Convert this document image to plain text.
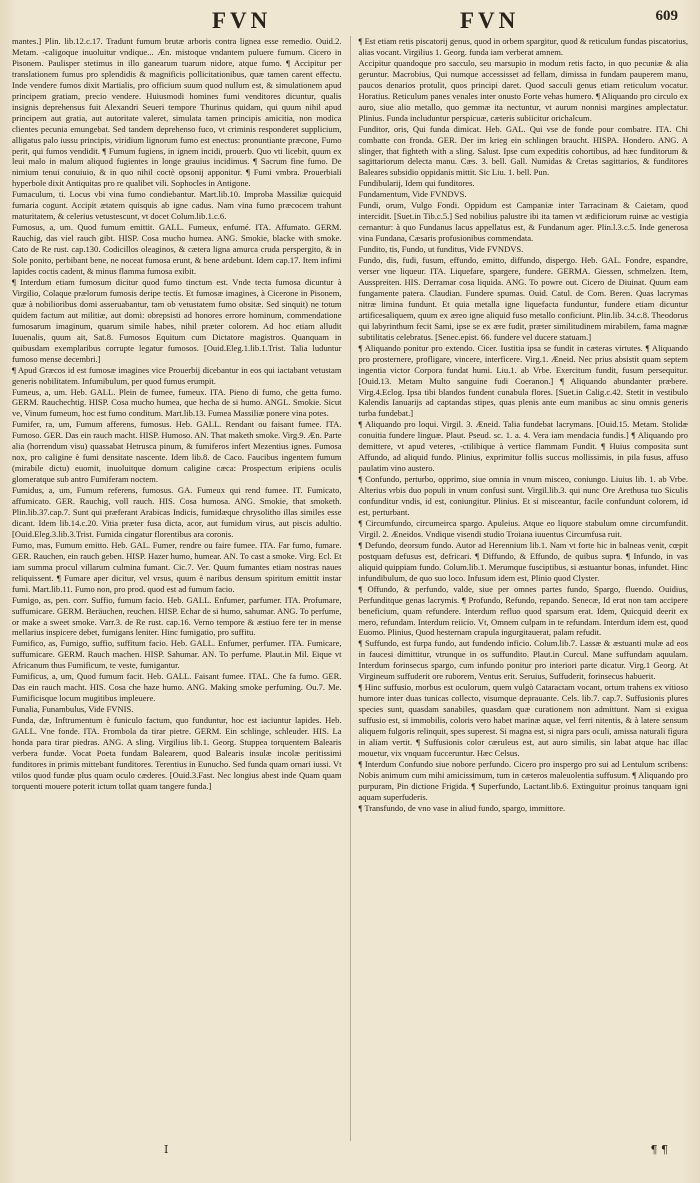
FVN	FVN	609

mantes.] Plin. lib.12.c.17. Tradunt fumum brutæ arboris contra lignea esse remedio. Ouid.2. Metam. -caligoque inuoluitur vndique... Æn. mistoque vndantem puluere fumum. Cicero in Pisonem. Paulisper stetimus in illo ganearum tuarum nidore, atque fumo. ¶ Accipitur per translationem fumus pro splendidis & magnificis pollicitationibus, quæ tamen carent effectu. Inde vendere fumos dixit Martialis, pro officium suum quod nullum est, & simulationem apud principem gratiam, precio vendere. Huiusmodi homines fumi venditores dicuntur, qualis insignis deprehensus fuit Alexandri Seueri tempore Thurinus quidam, qui quum nihil apud principem aut gratia, aut autoritate valeret, simulata tamen principis amicitia, non modica clientes pecunia emungebat. Sed tandem deprehenso fuco, vt criminis responderet supplicium, alligatus palo iussu principis, viridium lignorum fumo est enectus: pronuntiante præcone, Fumo perit, qui fumos vendidit. ¶ Fumum fugiens, in ignem incidi, prouerb. Quo vti licebit, quum ex leui malo in malum aliquod fugientes in longe grauius incidimus. ¶ Sacrum fine fumo. De nimium tenui conuiuio, & in quo nihil coctè opsonij apponitur. ¶ Fumi vmbra. Prouerbiali hyperbole dixit Antiquitas pro re qualibet vili. Sophocles in Antigone.

Fumaculum, ti. Locus vbi vina fumo condiebantur. Mart.lib.10. Improba Massiliæ quicquid fumaria cogunt. Accipit ætatem quisquis ab igne cadus. Nam vina fumo præcocem trahunt maturitatem, & celerius vetustescunt, vt docet Colum.lib.1.c.6.

Fumosus, a, um. Quod fumum emittit. GALL. Fumeux, enfumé. ITA. Affumato. GERM. Rauchig, das viel rauch gibt. HISP. Cosa mucho humea. ANG. Smokie, blacke with smoke. Cato de Re rust. cap.130. Codicillos oleaginos, & cætera ligna amurca cruda perspergito, & in Sole ponito, perbibant bene, ne noceat fumosa erunt, & bene ardebunt. Idem cap.17. Item infimi lapides coctis cadent, & minus flamma fumosa exibit.

¶ Interdum etiam fumosum dicitur quod fumo tinctum est. Vnde tecta fumosa dicuntur à Virgilio, Colaque prælorum fumosis deripe tectis. Et fumosæ imagines, à Cicerone in Pisonem, quæ à nobilioribus domi asseruabantur, tam ob vetustatem fumo obsitæ. Sed sinquit) ne totum quidem factum aut militiæ, aut domi: obrepsisti ad honores errore hominum, commendatione fumosarum imaginum, quarum simile habes, nihil præter colorem. Ad hoc etiam alludit Iuuenalis, quum ait, Sat.8. Fumosos Equitum cum Dictatore magistros. Quanquam in quibusdam exemplaribus corrupte legatur fumosos. [Ouid.Eleg.1.lib.1.Trist. Talia luduntur fumoso mense decembri.]

¶ Apud Græcos id est fumosæ imagines vice Prouerbij dicebantur in eos qui iactabant vetustam generis nobilitatem. Infumibulum, per quod fumus erumpit.

Fumeus, a, um. Heb. GALL. Plein de fumee, fumeux. ITA. Pieno di fumo, che getta fumo. GERM. Rauchechtig. HISP. Cosa mucho humea, que hecha de si humo. ANGL. Smokie. Sicut ve, Vinum fumeum, hoc est fumo conditum. Mart.lib.13. Fumea Massiliæ ponere vina potes.

Fumifer, ra, um, Fumum afferens, fumosus. Heb. GALL. Rendant ou faisant fumee. ITA. Fumoso. GER. Das ein rauch macht. HISP. Humoso. AN. That maketh smoke. Virg.9. Æn. Parte alia (horrendum visu) quassabat Hetrusca pinum, & fumiferos infert Mezentius ignes. Fumosa nox, pro caligine è fumi densitate nascente. Idem lib.8. de Caco. Faucibus ingentem fumum (mirabile dictu) euomit, inuoluitque domum caligine cæca: Prospectum eripiens oculis glomeratque sub antro Fumiferam noctem.

Fumidus, a, um, Fumum referens, fumosus. GA. Fumeux qui rend fumee. IT. Fumicato, affumicato. GER. Rauchig, voll rauch. HIS. Cosa humosa. ANG. Smokie, that smoketh. Plin.lib.37.cap.7. Sunt qui præferant Arabicas Indicis, fumidæque chrysolitho illas similes esse dicant. Idem lib.14.c.20. Vitia præter fusa dicta, acor, aut fumidum virus, aut piscis adultio. [Ouid.Eleg.3.lib.3.Trist. Fumida cingatur florentibus ara coronis.

Fumo, mas, Fumum emitto. Heb. GAL. Fumer, rendre ou faire fumee. ITA. Far fumo, fumare. GER. Rauchen, ein rauch geben. HISP. Hazer humo, humear. AN. To cast a smoke. Virg. Ecl. Et iam summa procul villarum culmina fumant. Cic.7. Ver. Quum fumantes etiam nostras naues reliquissent. ¶ Fumare aper dicitur, vel vrsus, quum è naribus densum spiritum emittit instar fumi. Mart.lib.11. Fumo non, pro prod. quod est ad fumum facio.

Fumigo, as, pen. corr. Suffio, fumum facio. Heb. GALL. Enfumer, parfumer. ITA. Profumare, suffumicare. GERM. Beräuchen, reuchen. HISP. Echar de si humo, sahumar. ANG. To perfume, or make a sweet smoke. Varr.3. de Re rust. cap.16. Verno tempore & æstiuo fere ter in mense mellarius inspicere debet, fumigans leniter. Hinc fumigatio, pro suffitu.

Fumifico, as, Fumigo, suffio, suffitum facio. Heb. GALL. Enfumer, perfumer. ITA. Fumicare, suffumicare. GERM. Rauch machen. HISP. Sahumar. AN. To perfume. Plaut.in Mil. Eique vt Africanum thus Fumificum, te veste, fumigantur.

Fumificus, a, um, Quod fumum facit. Heb. GALL. Faisant fumee. ITAL. Che fa fumo. GER. Das ein rauch macht. HIS. Cosa che haze humo. ANG. Making smoke perfuming. Ou.7. Me. Fumificisque locum mugitibus impleuere.

Funalia, Funambulus, Vide FVNIS.

Funda, dæ, Inftrumentum è funiculo factum, quo funduntur, hoc est iaciuntur lapides. Heb. GALL. Vne fonde. ITA. Frombola da tirar pietre. GERM. Ein schlinge, schleuder. HIS. La honda para tirar piedras. ANG. A sling. Virgilius lib.1. Georg. Stuppea torquentem Balearis verbera fundæ. Vocat Poeta fundam Balearem, quod Balearis insulæ incolæ peritissimi funditores in primis mittebant funditores. Terentius in Eunucho. Sed funda quam ornari iussi. Vt vtilos quod fundæ plus quam oculo cæderes. [Ouid.3.Fast. Nec longius abest inde Quam quam torquenti mouere poterit ictum tollat quam tangere funda.]

¶ Est etiam retis piscatorij genus, quod in orbem spargitur, quod & reticulum fundas piscatorius, alias vocant. Virgilius 1. Georg. funda iam verberat amnem.

Accipitur quandoque pro sacculo, seu marsupio in modum retis facto, in quo pecuniæ & alia geruntur. Macrobius, Qui numque accessisset ad fellam, dimissa in fundam pauperem manu, paucos denarios protulit, quos principi daret. Quod sacculi genus etiam reticulum vocatur. Horatius. Reticulum panes venales inter onusto Forte vehas humero. ¶ Aliquando pro circulo ex auro, siue alio metallo, quo gemmæ ita nectuntur, vt aurum nonnisi margines amplectatur. Plinius. Funda includuntur perspicuæ, cæteris subiicitur orichalcum.

Funditor, oris, Qui funda dimicat. Heb. GAL. Qui vse de fonde pour combatre. ITA. Chi combatte con fronda. GER. Der im krieg ein schlingen braucht. HISPA. Hondero. ANG. A slinger, that fighteth with a sling. Salust. Ipse cum expeditis cohortibus, ad hæc funditorum & sagittariorum delecta manu. Cæs. 3. bell. Gall. Numidas & Cretas sagittarios, & funditores Baleares subsidio oppidanis mittit. Sic Liu. 1. bell. Pun.

Fundibularij, Idem qui funditores.

Fundamentum, Vide FVNDVS.

Fundi, orum, Vulgo Fondi. Oppidum est Campaniæ inter Tarracinam & Caietam, quod intercidit. [Suet.in Tib.c.5.] Sed nobilius palustre ibi ita tamen vt ædificiorum ruinæ ac vestigia cernantur: à quo Fundanus lacus appellatus est, & Fundanum ager. Plin.l.3.c.5. Inde generosa vina Fundana, Cæsaris profusionibus commendata.

Fundito, tis, Fundo, ut funditus, Vide FVNDVS.

Fundo, dis, fudi, fusum, effundo, emitto, diffundo, dispergo. Heb. GAL. Fondre, espandre, verser vne liqueur. ITA. Liquefare, spargere, fundere. GERMA. Giessen, schmelzen. Item, Ausspreiten. HIS. Derramar cosa liquida. ANG. To powre out. Cicero de Diuinat. Quum eam fungamente patera. Claudian. Fundere spumas. Ouid. Catul. de Com. Beren. Quas lacrymas nitræ limina fundunt. Et quia metalla igne liquefacta funduntur, fundere etiam dicuntur artificesaliquem, quum ex æreo igne aliquid fuso metallo conficiunt. Plin.lib. 34.c.8. Theodorus qui labyrinthum fecit Sami, ipse se ex ære fudit, præter similitudinem mirabilem, fama magnæ subtilitatis celebratus. [Senec.epist. 66. fundere vel ducere statuam.]

¶ Aliquando ponitur pro extendo. Cicer. Iustitia ipsa se fundit in cæteras virtutes. ¶ Aliquando pro prosternere, profligare, vincere, interficere. Virg.1. Æneid. Nec prius absistit quam septem ingentia victor Corpora fundat humi. Liu.1. ab Vrbe. Exercitum fundit, fusum persequitur. [Ouid.13. Metam Multo sanguine fudi Coeranon.] ¶ Aliquando abundanter præbere. Virg.4.Eclog. Ipsa tibi blandos fundent cunabula flores. [Suet.in Calig.c.42. Stetit in vestibulo Kalendis Ianuarijs ad captandas stipes, quas plenis ante eum manibus ac sinu omnis generis turba fundebat.]

¶ Aliquando pro loqui. Virgil. 3. Æneid. Talia fundebat lacrymans. [Ouid.15. Metam. Stolidæ conuitia fundere linguæ. Plaut. Pseud. sc. 1. a. 4. Vera iam mendacia fundis.] ¶ Aliquando pro demittere, vt apud veteres, -ctilibique à vertice flammam Fundit. ¶ Huius composita sunt Affundo, ad aliquid fundo. Plinius, exprimitur follis succus mollissimis, in pila fusus, affuso paulatim vino austero.

¶ Confundo, perturbo, opprimo, siue omnia in vnum misceo, coniungo. Liuius lib. 1. ab Vrbe. Alterius vrbis duo populi in vnum confusi sunt. Virgil.lib.3. qui nunc Ore Arethusa tuo Siculis confunditur vndis, id est, coniungitur. Plinius. Et si misceantur, facile confundunt colorem, id est, perturbant.

¶ Circumfundo, circumeirca spargo. Apuleius. Atque eo liquore stabulum omne circumfundit. Virgil. 2. Æneidos. Vndique visendi studio Troiana iuuentus Circumfusa ruit.

¶ Defundo, deorsum fundo. Autor ad Herennium lib.1. Nam vt forte hic in balneas venit, cœpit postquam defusus est, defricari. ¶ Diffundo, & Effundo, de quibus supra. ¶ Infundo, in vas aliquid quippiam fundo. Colum.lib.1. Merumque fusciptibus, si æstuantur bonas, infundet. Hinc infundibulum, de quo suo loco. Infusum idem est, Plinio quod Clyster.

¶ Offundo, & perfundo, valde, siue per omnes partes fundo, Spargo, fluendo. Ouidius, Perfunditque genas lacrymis. ¶ Profundo, Refundo, repando. Senecæ, Id erat non tam accipere beneficium, quam refundere. Interdum refluo quod sparsum erat. Idem, Quicquid deerit ex mero, refundam. Interdum reiicio. Vt, Omnem culpam in te refundam. Interdum idem est, quod Euomo. Plinius, Quod hesternam crapula ingurgitauerat, palam refudit.

¶ Suffundo, est furpa fundo, aut fundendo inficio. Colum.lib.7. Lassæ & æstuanti mulæ ad eos in faucesi dimittitur, vtrunque in os suffundito. Plaut.in Curcul. Mane suffundam aquulam. Interdum forinsecus spargo, cum infundo ponitur pro interiori parte dicatur. Virg.1 Georg. At Virgineum suffuderit ore ruborem, Ventus erit. Seruius, Suffuderit, forinsecus habuerit.

¶ Hinc suffusio, morbus est oculorum, quem vulgò Cataractam vocant, ortum trahens ex vitioso humore inter duas tunicas collecto, visumque deprauante. Cels. lib.7. cap.7. Suffusionis plures species sunt, quasdam sanabiles, quasdam quæ curationem non admittunt. Nam si exigua suffusio est, si immobilis, coloris vero habet marinæ aquæ, vel ferri nitentis, & à latere sensum aliquem fulgoris relinquit, spes superest. Si magna est, si nigra pars oculi, amissa naturali figura in aliam vertit. ¶ Suffusionis color cæruleus est, aut auro similis, sin labat atque hac illac mouetur, vix vnquam fucceruntur. Hæc Celsus.

¶ Interdum Confundo siue nobore perfundo. Cicero pro inspergo pro sui ad Lentulum scribens: Nobis animum cum mihi amicissimum, tum in cæteros maleuolentia suffusum. ¶ Aliquando pro purpuram, Pin dictione Frigida. ¶ Superfundo, Lactant.lib.6. Extinguitur proinus tanquam igni aquam superfuderis.

¶ Transfundo, de vno vase in aliud fundo, spargo, immittore.

I	¶ ¶
